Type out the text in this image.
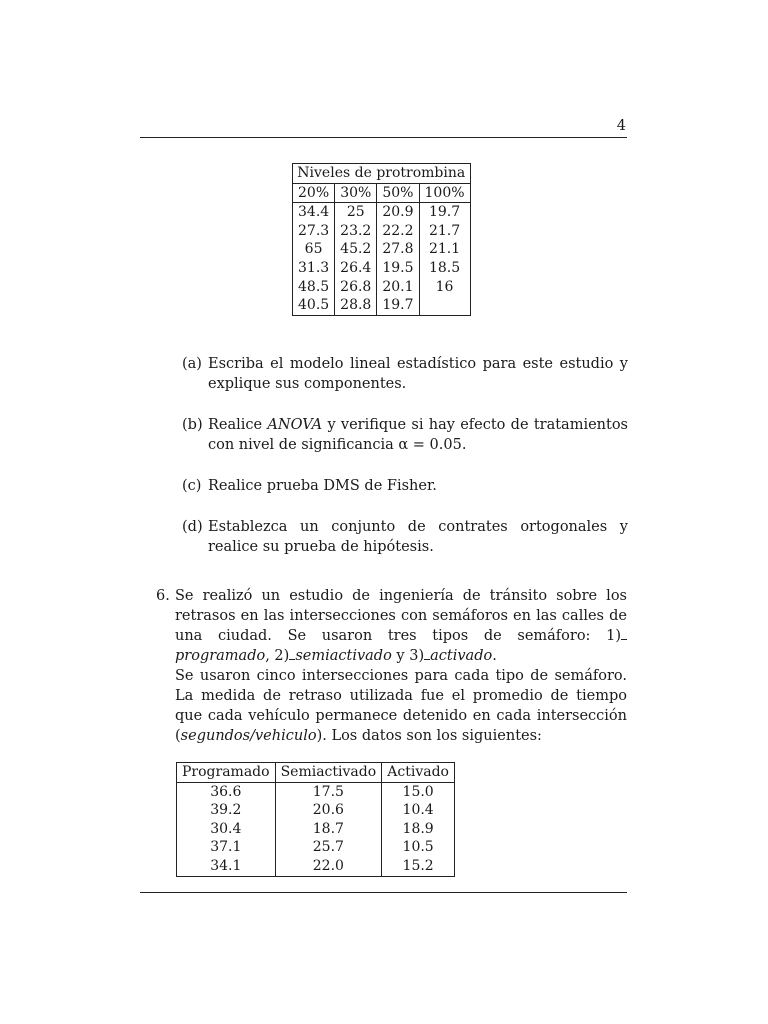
4
Niveles de protrombina			
20%	30%	50%	100%
34.4	25	20.9	19.7
27.3	23.2	22.2	21.7
65	45.2	27.8	21.1
31.3	26.4	19.5	18.5
48.5	26.8	20.1	16
40.5	28.8	19.7	
(a) Escriba el modelo lineal estadístico para este estudio y explique sus componentes.
(b) Realice ANOVA y verifique si hay efecto de tratamientos con nivel de significancia α = 0.05.
(c) Realice prueba DMS de Fisher.
(d) Establezca un conjunto de contrates ortogonales y realice su prueba de hipótesis.
6. Se realizó un estudio de ingeniería de tránsito sobre los retrasos en las intersecciones con semáforos en las calles de una ciudad. Se usaron tres tipos de semáforo: 1)programado, 2) semiactivado y 3) activado.
Se usaron cinco intersecciones para cada tipo de semáforo. La medida de retraso utilizada fue el promedio de tiempo que cada vehículo permanece detenido en cada intersección (segundos/vehiculo). Los datos son los siguientes:
Programado	Semiactivado	Activado
36.6	17.5	15.0
39.2	20.6	10.4
30.4	18.7	18.9
37.1	25.7	10.5
34.1	22.0	15.2
